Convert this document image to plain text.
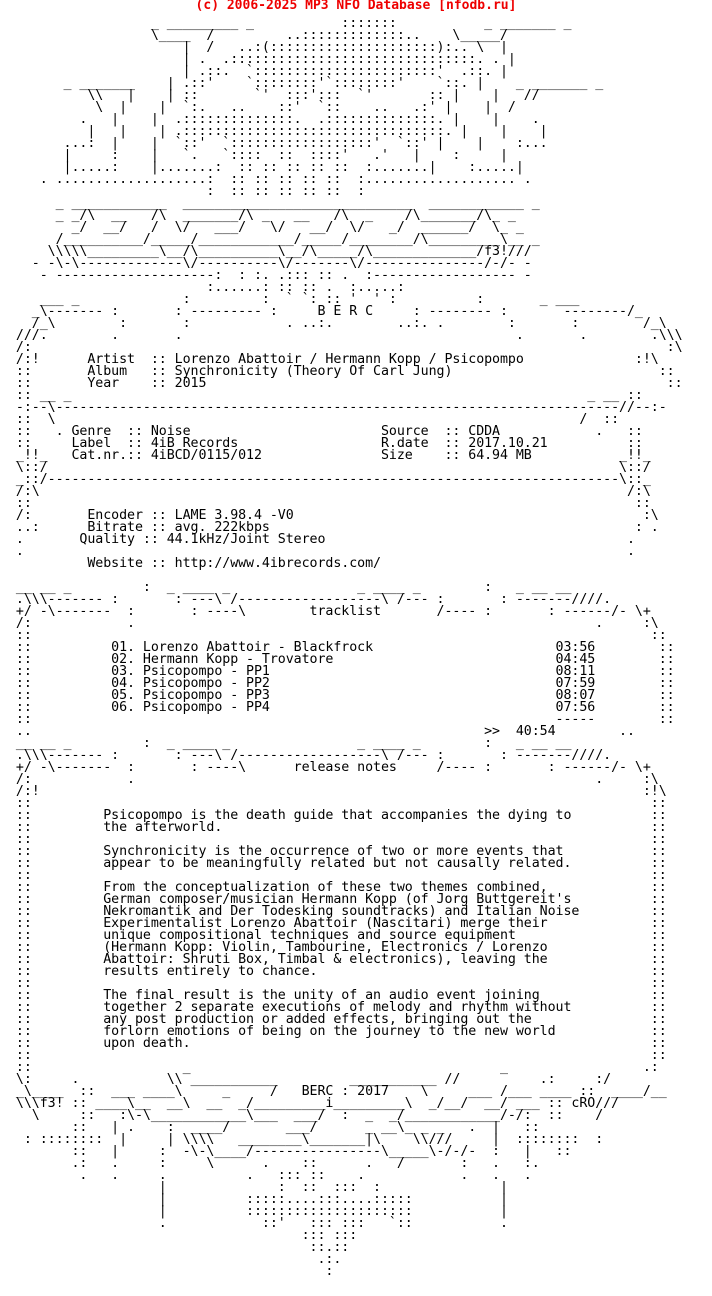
(c) 2006-2025 MP3 NFO Database [nfodb.ru]
_ _________ _           :::::::           _ _______ _
\____  /         ..:::::::::::::..    \_____/
|  /   ..:(:::::::::::::::::::::):.. \  |
| .  .:::::::::::::::::::::::::::::::. . |
| .::.  `:::::::::::::::::::::::'  .::. |
_ _______    | .::'    `::::::::'`::::::::'    `::. |    _ _______ _
\\   |    | ::       `'  :::':::  `'       :: |    |   //
\  |    |  `:.   ..    ::'  `::    ..   .:' |    |  /
.   |    |  .::::::::::::::.  .::::::::::::::. |    |    .
|   |    | .:::::::::::::::::::::::::::::::::. |    |    |
...:  |    |  `::'  `::::::::::::::::::'  `::' |    |    :...
|     :    |   `.   `::::  ::  ::::'   .'   |    :     |
|.....:    |.......:  :: :: :: :: ::  :.......|    :.....|
. ...................:  :: :: :: :: ::  :................... .
:  :: :: :: :: ::  :
_ ____________  _____________________________  ____________ _
_ _/\  __   /\  _______/\ _   __   /\  _    /\_______/\_ _
_/  __/   /  \/   ___/   \/   __/  \/   _/  ______/  \_ _
/__________/_____/____________/_____/________/\_________\__ _
\\\\\_________\__/\__________\__/\_____/\_____________/f3!///
- -\-\-------------\/----------\/-------\/---------------/-/- -
- --------------------:  : :. .::: :: .  :------------------ -
:......: :: :: .  :.....:
___ _             :         :  ` `: :: '  ' :          :       _ ___
_\------- :       : --------- :     B E R C     : -------- :       --------/_
/_\        :       :            . ..:.        ..:. .        :       :        /_\
///.        .       .                                          .       .        .\\\
/:                                                                                :\
/:!      Artist  :: Lorenzo Abattoir / Hermann Kopp / Psicopompo              :!\
::       Album   :: Synchronicity (Theory Of Carl Jung)                          ::
::       Year    :: 2015                                                          ::
:: __ _                                                                 _ __ ::
-:--\-----------------------------------------------------------------------//--:-
::  \                                                                  /  ::
::   . Genre  :: Noise                        Source  :: CDDA            .   ::
::     Label  :: 4iB Records                  R.date  :: 2017.10.21          ::
_!!_   Cat.nr.:: 4iBCD/0115/012               Size    :: 64.94 MB           _!!_
\::/                                                                        \::/
_::/------------------------------------------------------------------------\::_
/:\                                                                          /:\
::                                                                            ::
/:       Encoder :: LAME 3.98.4 -V0                                            :\
..:      Bitrate :: avg. 222kbps                                              : .
.       Quality :: 44.1kHz/Joint Stereo                                      .
.                                                                            .
Website :: http://www.4ibrecords.com/

__ __ _         :  _ ____ _                _ ____ _        :   _ __ __
.\\\------- :       : ---\ /------------------\ /--- :       : -------////.
+/ -\-------  :       : ----\        tracklist       /---- :       : ------/- \+
/:            .                                                          .     :\
::                                                                              ::
::          01. Lorenzo Abattoir - Blackfrock                       03:56        ::
::          02. Hermann Kopp - Trovatore                            04:45        ::
::          03. Psicopompo - PP1                                    08:11        ::
::          04. Psicopompo - PP2                                    07:59        ::
::          05. Psicopompo - PP3                                    08:07        ::
::          06. Psicopompo - PP4                                    07:56        ::
::                                                                  -----        ::
..                                                         >>  40:54        ..
__ __ _         :  _ ____ _                _ ____ _        :   _ __ __
.\\\------- :       : ---\ /------------------\ /--- :       : -------////.
+/ -\-------  :       : ----\      release notes     /---- :       : ------/- \+
/:            .                                                          .     :\
/:!                                                                            :!\
::                                                                              ::
::         Psicopompo is the death guide that accompanies the dying to          ::
::         the afterworld.                                                      ::
::                                                                              ::
::         Synchronicity is the occurrence of two or more events that           ::
::         appear to be meaningfully related but not causally related.          ::
::                                                                              ::
::         From the conceptualization of these two themes combined,             ::
::         German composer/musician Hermann Kopp (of Jorg Buttgereit's          ::
::         Nekromantik and Der Todesking soundtracks) and Italian Noise         ::
::         Experimentalist Lorenzo Abattoir (Nascitari) merge their             ::
::         unique compositional techniques and source equipment                 ::
::         (Hermann Kopp: Violin, Tambourine, Electronics / Lorenzo             ::
::         Abattoir: Shruti Box, Timbal & electronics), leaving the             ::
::         results entirely to chance.                                          ::
::                                                                              ::
::         The final result is the unity of an audio event joining              ::
::         together 2 separate executions of melody and rhythm without          ::
::         any post production or added effects, bringing out the               ::
::         forlorn emotions of being on the journey to the new world            ::
::         upon death.                                                          ::
::                                                                              ::
::                   _                                       _                 .:
\:     .           \\ ___________         ___________ //          .:     :/
_\____  ::  ___ ____\     _     /   BERC : 2017    \     ___ /___ ____ ::  ____/__
\\\f3! :: ____\__  __\  __  _/_________i_________\  _/__/  __/ ___ :: cRO///
\     ::   :\-\____________\___  ___/  :  _  _/____________/-/:  ::    /
::   | .    :  ____/       ___/      _ __\_ _ _   .  |   ::
: ::::::::  |     | \\\\   ________\_______|\    \\///     |  ::::::::  :
::   |     :  -\-\____/----------------\_____\-/-/-  :   |   ::
.:   .     :     \      .    ::      .   /       :   .   :.
.   .     .          .   ::: ::    .            .   .   .
|              :  ::  :::  :               |
|          :::::....:::....:::::           |
|          :::::::::::::::::::::           |
.            ::'   ::: :::   `::           .
::: :::
::.::
.:.
:
